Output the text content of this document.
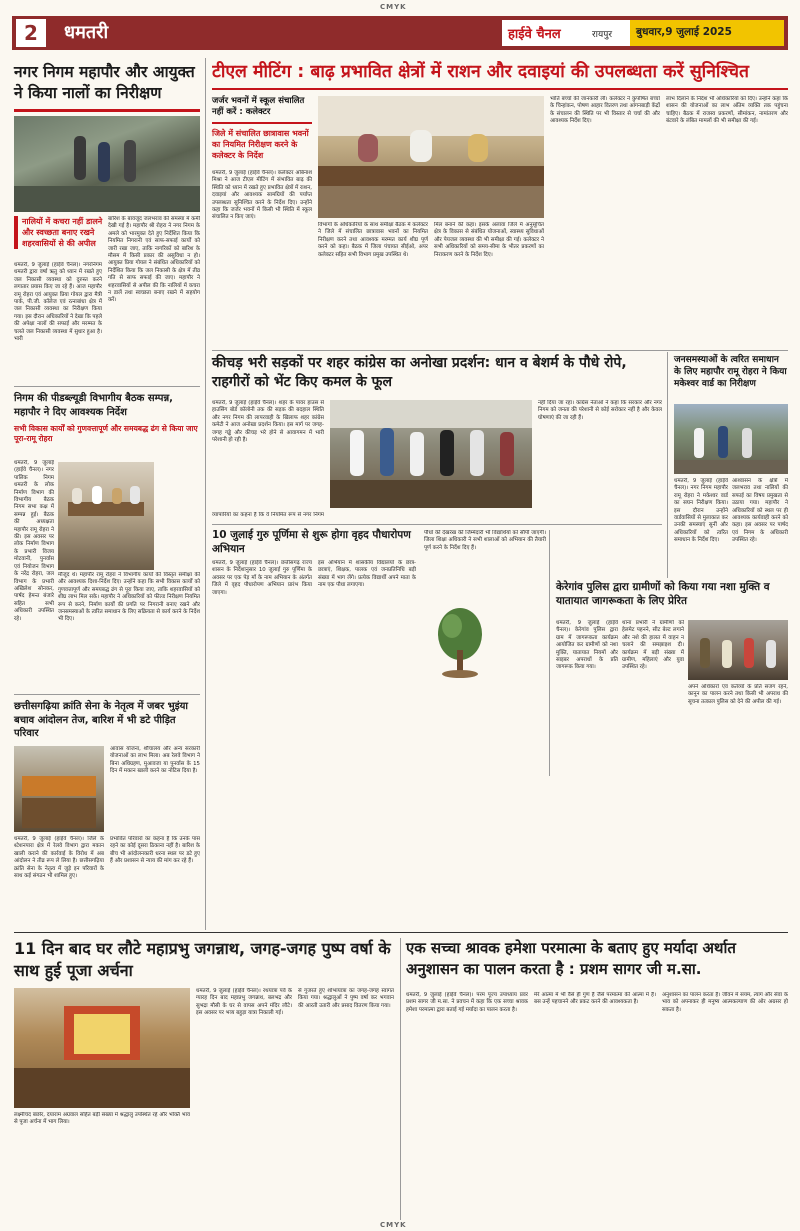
CMYK
2	धमतरी	हाईवे चैनल	रायपुर बुधवार,9 जुलाई 2025
नगर निगम महापौर और आयुक्त ने किया नालों का निरीक्षण
नालियों में कचरा नहीं डालने और स्वच्छता बनाए रखने शहरवासियों से की अपील
धमतरी, 9 जुलाई (हाईवे चैनल)। नगरनिगम धमतरी द्वारा वर्षा ऋतु को ध्यान में रखते हुए जल निकासी व्यवस्था को दुरुस्त करने लगातार प्रयास किए जा रहे हैं। आज महापौर रामू रोहरा एवं आयुक्त प्रिया गोयल द्वारा मैत्री पार्क, पी.जी. कॉलेज एवं रत्नाबांधा क्षेत्र में जल निकासी व्यवस्था का निरीक्षण किया गया। इस दौरान अधिकारियों ने देखा कि पहले की अपेक्षा नालों की सफाई और मरम्मत के चलते जल निकासी व्यवस्था में सुधार हुआ है। भारी
बारिश के बावजूद जलभराव की समस्या में कमी देखी गई है। महापौर श्री रोहरा ने नगर निगम के अमले को भारमुक्त देते हुए निर्देशित किया कि नियमित निगरानी एवं साफ-सफाई कार्यों को जारी रखा जाए, ताकि नागरिकों को बारिश के मौसम में किसी प्रकार की असुविधा न हो। आयुक्त प्रिया गोयल ने संबंधित अधिकारियों को निर्देशित किया कि जल निकासी के क्षेत्र में तीव्र गति से साफ सफाई की जाए। महापौर ने शहरवासियों से अपील की कि नालियों में कचरा न डालें तथा स्वच्छता बनाए रखने में सहयोग करें।
निगम की पीडब्ल्यूडी विभागीय बैठक सम्पन्न, महापौर ने दिए आवश्यक निर्देश
सभी विकास कार्यों को गुणवत्तापूर्ण और समयबद्ध ढंग से किया जाए पूरा-रामू रोहरा
धमतरी, 9 जुलाई (हाईवे चैनल)। नगर पालिक निगम धमतरी के लोक निर्माण विभाग की विभागीय बैठक निगम सभा कक्ष में सम्पन्न हुई। बैठक की अध्यक्षता महापौर रामू रोहरा ने की। इस अवसर पर लोक निर्माण विभाग के प्रभारी विजय मोटवानी, पुनर्वास एवं नियोजन विभाग के नरेंद्र रोहरा, जल विभाग के प्रभारी अखिलेश सोनकर, पार्षद हेमन्त बंजारे सहित सभी अधिकारी उपस्थित रहे।
मौजूद थे। महापौर रामू रोहरा ने विभागीय कार्यों की विस्तृत समीक्षा की और आवश्यक दिशा-निर्देश दिए। उन्होंने कहा कि सभी विकास कार्यों को गुणवत्तापूर्ण और समयबद्ध ढंग से पूरा किया जाए, ताकि शहरवासियों को शीघ्र लाभ मिल सके। महापौर ने अधिकारियों को फील्ड निरीक्षण नियमित रूप से करने, निर्माण कार्यों की प्रगति पर निगरानी बनाए रखने और जनसमस्याओं के त्वरित समाधान के लिए सक्रियता से कार्य करने के निर्देश भी दिए।
छत्तीसगढ़िया क्रांति सेना के नेतृत्व में जबर भुइंया बचाव आंदोलन तेज, बारिश में भी डटे पीड़ित परिवार
आवास योजना, शौचालय और अन्य सरकारी योजनाओं का लाभ मिला। अब रेलवे विभाग ने बिना अधिग्रहण, मुआवजा या पुनर्वास के 15 दिन में मकान खाली करने का नोटिस दिया है।
धमतरी, 9 जुलाई (हाईवे चैनल)। जिले के श्टेशनपारा क्षेत्र में रेलवे विभाग द्वारा मकान खाली कराने की कार्रवाई के विरोध में अब आंदोलन ने तीव्र रूप ले लिया है। छत्तीसगढ़िया क्रांति सेना के नेतृत्व में जुड़े इन परिवारों के साथ कई संगठन भी शामिल हुए।
प्रभावित परिवारों का कहना है कि उनके पास रहने का कोई दूसरा ठिकाना नहीं है। बारिश के बीच भी आंदोलनकारी धरना स्थल पर डटे हुए हैं और प्रशासन से न्याय की मांग कर रहे हैं।
टीएल मीटिंग : बाढ़ प्रभावित क्षेत्रों में राशन और दवाइयां की उपलब्धता करें सुनिश्चित
जर्जर भवनों में स्कूल संचालित नहीं करें : कलेक्टर
जिले में संचालित छात्रावास भवनों का नियमित निरीक्षण करने के कलेक्टर के निर्देश
धमतरी, 9 जुलाई (हाईवे चैनल)। कलेक्टर अबिनाश मिश्रा ने आज टीएल मीटिंग में संभावित बाढ़ की स्थिति को ध्यान में रखते हुए प्रभावित क्षेत्रों में राशन, दवाइयां और आवश्यक सामग्रियों की पर्याप्त उपलब्धता सुनिश्चित करने के निर्देश दिए। उन्होंने कहा कि जर्जर भवनों में किसी भी स्थिति में स्कूल संचालित न किए जाएं।
विभागों के अधिकारियों के साथ समीक्षा बैठक में कलेक्टर ने जिले में संचालित छात्रावास भवनों का नियमित निरीक्षण करने तथा आवश्यक मरम्मत कार्य शीघ्र पूर्ण करने को कहा। बैठक में जिला पंचायत सीईओ, अपर कलेक्टर सहित सभी विभाग प्रमुख उपस्थित थे।
मिल बनाने की कहा। इसके अलावा जिले में अनुसूचित क्षेत्र के विकास से संबंधित योजनाओं, स्वास्थ्य सुविधाओं और पेयजल व्यवस्था की भी समीक्षा की गई। कलेक्टर ने सभी अधिकारियों को समय-सीमा के भीतर प्रकरणों का निराकरण करने के निर्देश दिए।
भांति बच्चों की जानकारी ली। कलेक्टर ने कुपोषित बच्चों के चिन्हांकन, पोषण आहार वितरण तथा आंगनबाड़ी केंद्रों के संचालन की स्थिति पर भी विस्तार से चर्चा की और आवश्यक निर्देश दिए।
लाभ दिलाने के निर्देश भी अधिकारियों को दिए। उन्होंने कहा कि शासन की योजनाओं का लाभ अंतिम व्यक्ति तक पहुंचना चाहिए। बैठक में राजस्व प्रकरणों, सीमांकन, नामांतरण और बंटवारे के लंबित मामलों की भी समीक्षा की गई।
कीचड़ भरी सड़कों पर शहर कांग्रेस का अनोखा प्रदर्शन: धान व बेशर्म के पौधे रोपे, राहगीरों को भेंट किए कमल के फूल
धमतरी, 9 जुलाई (हाईवे चैनल)। शहर के पावर हाउस से हाउसिंग बोर्ड कॉलोनी तक की सड़क की बदहाल स्थिति और नगर निगम की लापरवाही के खिलाफ शहर कांग्रेस कमेटी ने आज अनोखा प्रदर्शन किया। इस मार्ग पर जगह-जगह गड्ढे और कीचड़ भरे होने से आवागमन में भारी परेशानी हो रही है।
नहीं दिया जा रहा। कांग्रेस नेताओं ने कहा कि सरकार और नगर निगम को जनता की परेशानी से कोई सरोकार नहीं है और केवल घोषणाएं की जा रही हैं।
व्यापारियों का कहना है कि वे नियमित रूप से नगर निगम
जनसमस्याओं के त्वरित समाधान के लिए महापौर रामू रोहरा ने किया मकेश्वर वार्ड का निरीक्षण
धमतरी, 9 जुलाई (हाईवे चैनल)। नगर निगम महापौर रामू रोहरा ने मकेश्वर वार्ड का सघन निरीक्षण किया। इस दौरान उन्होंने वार्डवासियों से मुलाकात कर उनकी समस्याएं सुनीं और अधिकारियों को त्वरित समाधान के निर्देश दिए।
आश्वासन के क्षेत्रों में जलभराव तथा नालियों की सफाई का विषय प्रमुखता से उठाया गया। महापौर ने अधिकारियों को स्थल पर ही आवश्यक कार्यवाही करने को कहा। इस अवसर पर पार्षद एवं निगम के अधिकारी उपस्थित रहे।
10 जुलाई गुरु पूर्णिमा से शुरू होगा वृहद पौधारोपण अभियान
धमतरी, 9 जुलाई (हाईवे चैनल)। छत्तीसगढ़ राज्य शासन के निर्देशानुसार 10 जुलाई गुरु पूर्णिमा के अवसर पर एक पेड़ माँ के नाम अभियान के अंतर्गत जिले में वृहद पौधारोपण अभियान प्रारंभ किया जाएगा।
इस अभियान में शासकीय विद्यालयों के छात्र-छात्राएं, शिक्षक, पालक एवं जनप्रतिनिधि बड़ी संख्या में भाग लेंगे। प्रत्येक विद्यार्थी अपने माता के नाम एक पौधा लगाएगा।
पौधों की देखरेख की जिम्मेदारी भी विद्यार्थियों को सौंपी जाएगी। जिला शिक्षा अधिकारी ने सभी शालाओं को अभियान की तैयारी पूर्ण करने के निर्देश दिए हैं।
केरेगांव पुलिस द्वारा ग्रामीणों को किया गया नशा मुक्ति व यातायात जागरूकता के लिए प्रेरित
धमतरी, 9 जुलाई (हाईवे चैनल)। केरेगांव पुलिस द्वारा ग्राम में जागरूकता कार्यक्रम आयोजित कर ग्रामीणों को नशा मुक्ति, यातायात नियमों और साइबर अपराधों के प्रति जागरूक किया गया।
थाना प्रभारी ने ग्रामीणों को हेलमेट पहनने, सीट बेल्ट लगाने और नशे की हालत में वाहन न चलाने की समझाइश दी। कार्यक्रम में बड़ी संख्या में ग्रामीण, महिलाएं और युवा उपस्थित रहे।
अपने अधिकारों एवं कर्तव्यों के प्रति सजग रहने, कानून का पालन करने तथा किसी भी अपराध की सूचना तत्काल पुलिस को देने की अपील की गई।
11 दिन बाद घर लौटे महाप्रभु जगन्नाथ, जगह-जगह पुष्प वर्षा के साथ हुई पूजा अर्चना
धमतरी, 9 जुलाई (हाईवे चैनल)। रथयात्रा पर्व के ग्यारह दिन बाद महाप्रभु जगन्नाथ, बलभद्र और सुभद्रा मौसी के घर से वापस अपने मंदिर लौटे। इस अवसर पर भव्य बहुड़ा यात्रा निकाली गई।
से गुजरते हुए शोभायात्रा का जगह-जगह स्वागत किया गया। श्रद्धालुओं ने पुष्प वर्षा कर भगवान की आरती उतारी और प्रसाद वितरण किया गया।
लक्ष्मीचंद बंछोर, दयाराम अग्रवाल सहित बड़ी संख्या में श्रद्धालु उपस्थित रहे और भक्ति भाव से पूजा अर्चना में भाग लिया।
एक सच्चा श्रावक हमेशा परमात्मा के बताए हुए मर्यादा अर्थात अनुशासन का पालन करता है : प्रशम सागर जी म.सा.
धमतरी, 9 जुलाई (हाईवे चैनल)। परम पूज्य उपाध्याय प्रवर प्रशम सागर जी म.सा. ने प्रवचन में कहा कि एक सच्चा श्रावक हमेशा परमात्मा द्वारा बताई गई मर्यादा का पालन करता है।
मेरे आत्मा में भी वैसे ही गुण हैं जैसे परमात्मा की आत्मा में हैं। बस उन्हें पहचानने और प्रकट करने की आवश्यकता है।
अनुशासन का पालन करता है। जीवन में संयम, त्याग और सेवा के भाव को अपनाकर ही मनुष्य आत्मकल्याण की ओर अग्रसर हो सकता है।
CMYK
